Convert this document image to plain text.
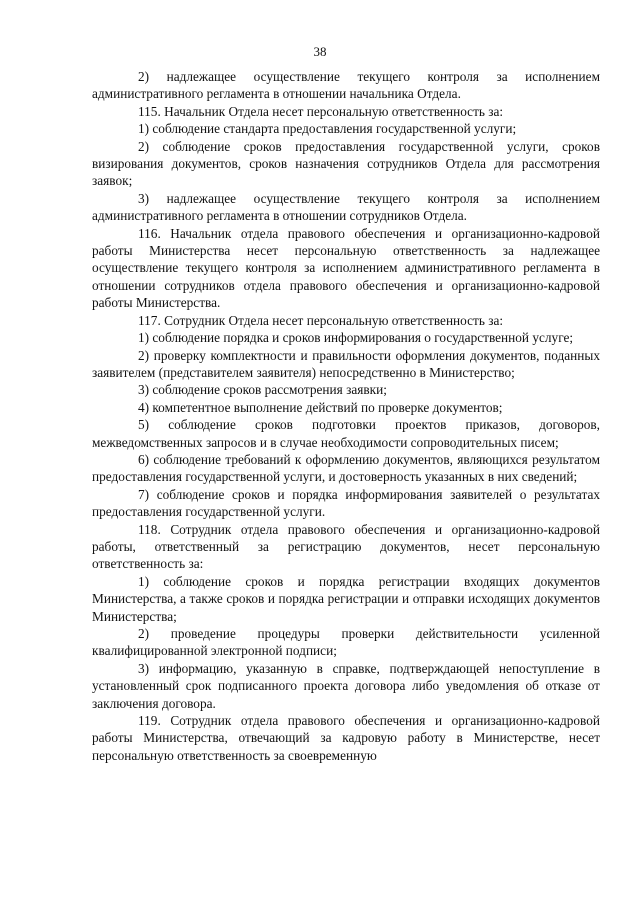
38

2) надлежащее осуществление текущего контроля за исполнением административного регламента в отношении начальника Отдела.

115. Начальник Отдела несет персональную ответственность за:

1) соблюдение стандарта предоставления государственной услуги;

2) соблюдение сроков предоставления государственной услуги, сроков визирования документов, сроков назначения сотрудников Отдела для рассмотрения заявок;

3) надлежащее осуществление текущего контроля за исполнением административного регламента в отношении сотрудников Отдела.

116. Начальник отдела правового обеспечения и организационно-кадровой работы Министерства несет персональную ответственность за надлежащее осуществление текущего контроля за исполнением административного регламента в отношении сотрудников отдела правового обеспечения и организационно-кадровой работы Министерства.

117. Сотрудник Отдела несет персональную ответственность за:

1) соблюдение порядка и сроков информирования о государственной услуге;

2) проверку комплектности и правильности оформления документов, поданных заявителем (представителем заявителя) непосредственно в Министерство;

3) соблюдение сроков рассмотрения заявки;

4) компетентное выполнение действий по проверке документов;

5) соблюдение сроков подготовки проектов приказов, договоров, межведомственных запросов и в случае необходимости сопроводительных писем;

6) соблюдение требований к оформлению документов, являющихся результатом предоставления государственной услуги, и достоверность указанных в них сведений;

7) соблюдение сроков и порядка информирования заявителей о результатах предоставления государственной услуги.

118. Сотрудник отдела правового обеспечения и организационно-кадровой работы, ответственный за регистрацию документов, несет персональную ответственность за:

1) соблюдение сроков и порядка регистрации входящих документов Министерства, а также сроков и порядка регистрации и отправки исходящих документов Министерства;

2) проведение процедуры проверки действительности усиленной квалифицированной электронной подписи;

3) информацию, указанную в справке, подтверждающей непоступление в установленный срок подписанного проекта договора либо уведомления об отказе от заключения договора.

119. Сотрудник отдела правового обеспечения и организационно-кадровой работы Министерства, отвечающий за кадровую работу в Министерстве, несет персональную ответственность за своевременную
